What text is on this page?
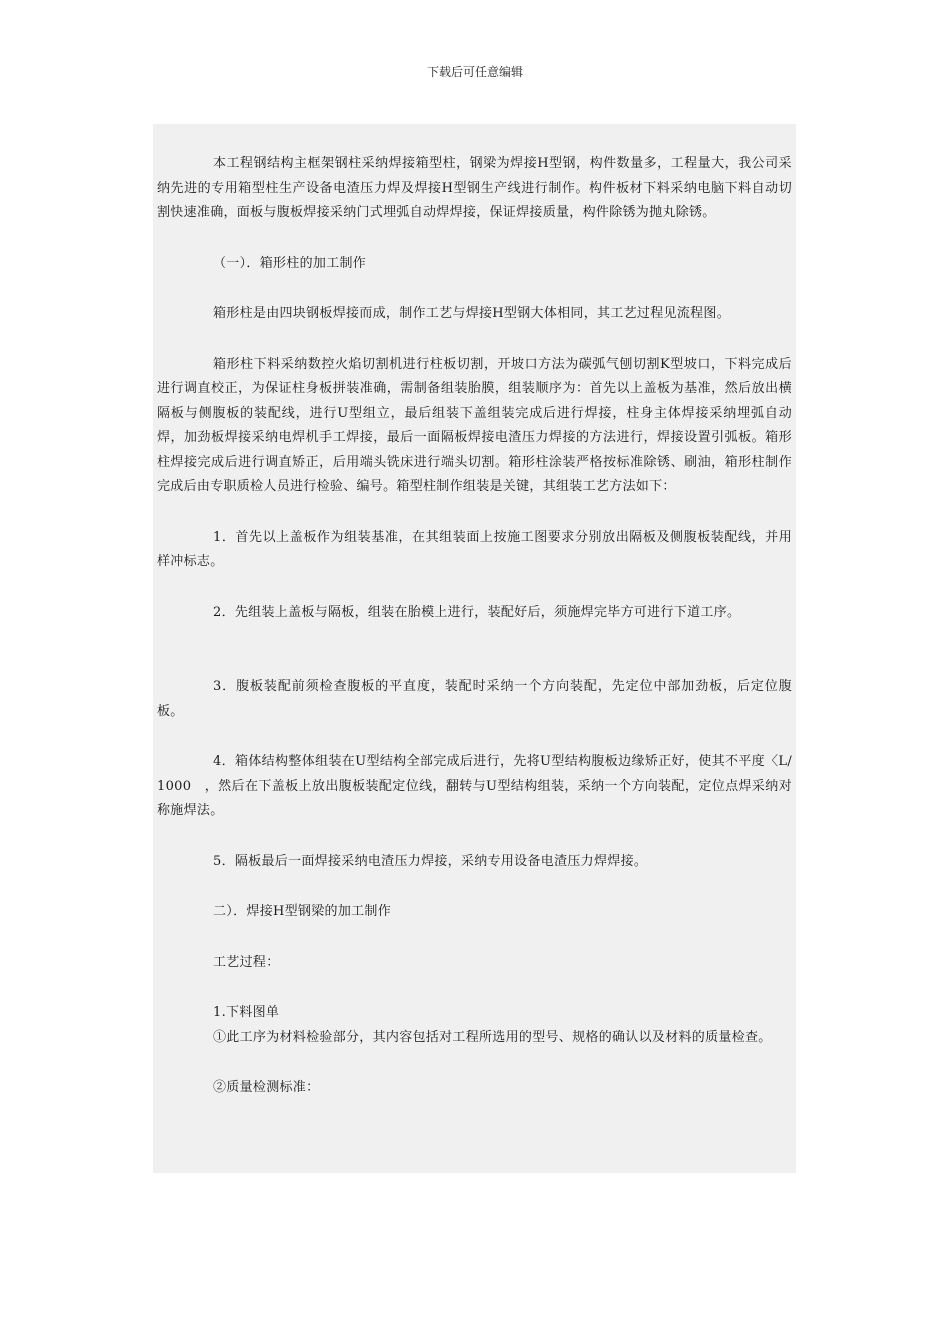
下载后可任意编辑

本工程钢结构主框架钢柱采纳焊接箱型柱，钢梁为焊接H型钢，构件数量多，工程量大，我公司采纳先进的专用箱型柱生产设备电渣压力焊及焊接H型钢生产线进行制作。构件板材下料采纳电脑下料自动切割快速准确，面板与腹板焊接采纳门式埋弧自动焊焊接，保证焊接质量，构件除锈为抛丸除锈。

（一）．箱形柱的加工制作

箱形柱是由四块钢板焊接而成，制作工艺与焊接H型钢大体相同，其工艺过程见流程图。

箱形柱下料采纳数控火焰切割机进行柱板切割，开坡口方法为碳弧气刨切割K型坡口，下料完成后进行调直校正，为保证柱身板拼装准确，需制备组装胎膜，组装顺序为：首先以上盖板为基准，然后放出横隔板与侧腹板的装配线，进行U型组立，最后组装下盖组装完成后进行焊接，柱身主体焊接采纳埋弧自动焊，加劲板焊接采纳电焊机手工焊接，最后一面隔板焊接电渣压力焊接的方法进行，焊接设置引弧板。箱形柱焊接完成后进行调直矫正，后用端头铣床进行端头切割。箱形柱涂装严格按标准除锈、刷油，箱形柱制作完成后由专职质检人员进行检验、编号。箱型柱制作组装是关键，其组装工艺方法如下：

1．首先以上盖板作为组装基准，在其组装面上按施工图要求分别放出隔板及侧腹板装配线，并用样冲标志。

2．先组装上盖板与隔板，组装在胎模上进行，装配好后，须施焊完毕方可进行下道工序。

3．腹板装配前须检查腹板的平直度，装配时采纳一个方向装配，先定位中部加劲板，后定位腹板。

4．箱体结构整体组装在U型结构全部完成后进行，先将U型结构腹板边缘矫正好，使其不平度〈L/1000　，然后在下盖板上放出腹板装配定位线，翻转与U型结构组装，采纳一个方向装配，定位点焊采纳对称施焊法。

5．隔板最后一面焊接采纳电渣压力焊接，采纳专用设备电渣压力焊焊接。

二）．焊接H型钢梁的加工制作

工艺过程：

1.下料图单

①此工序为材料检验部分，其内容包括对工程所选用的型号、规格的确认以及材料的质量检查。

②质量检测标准：
